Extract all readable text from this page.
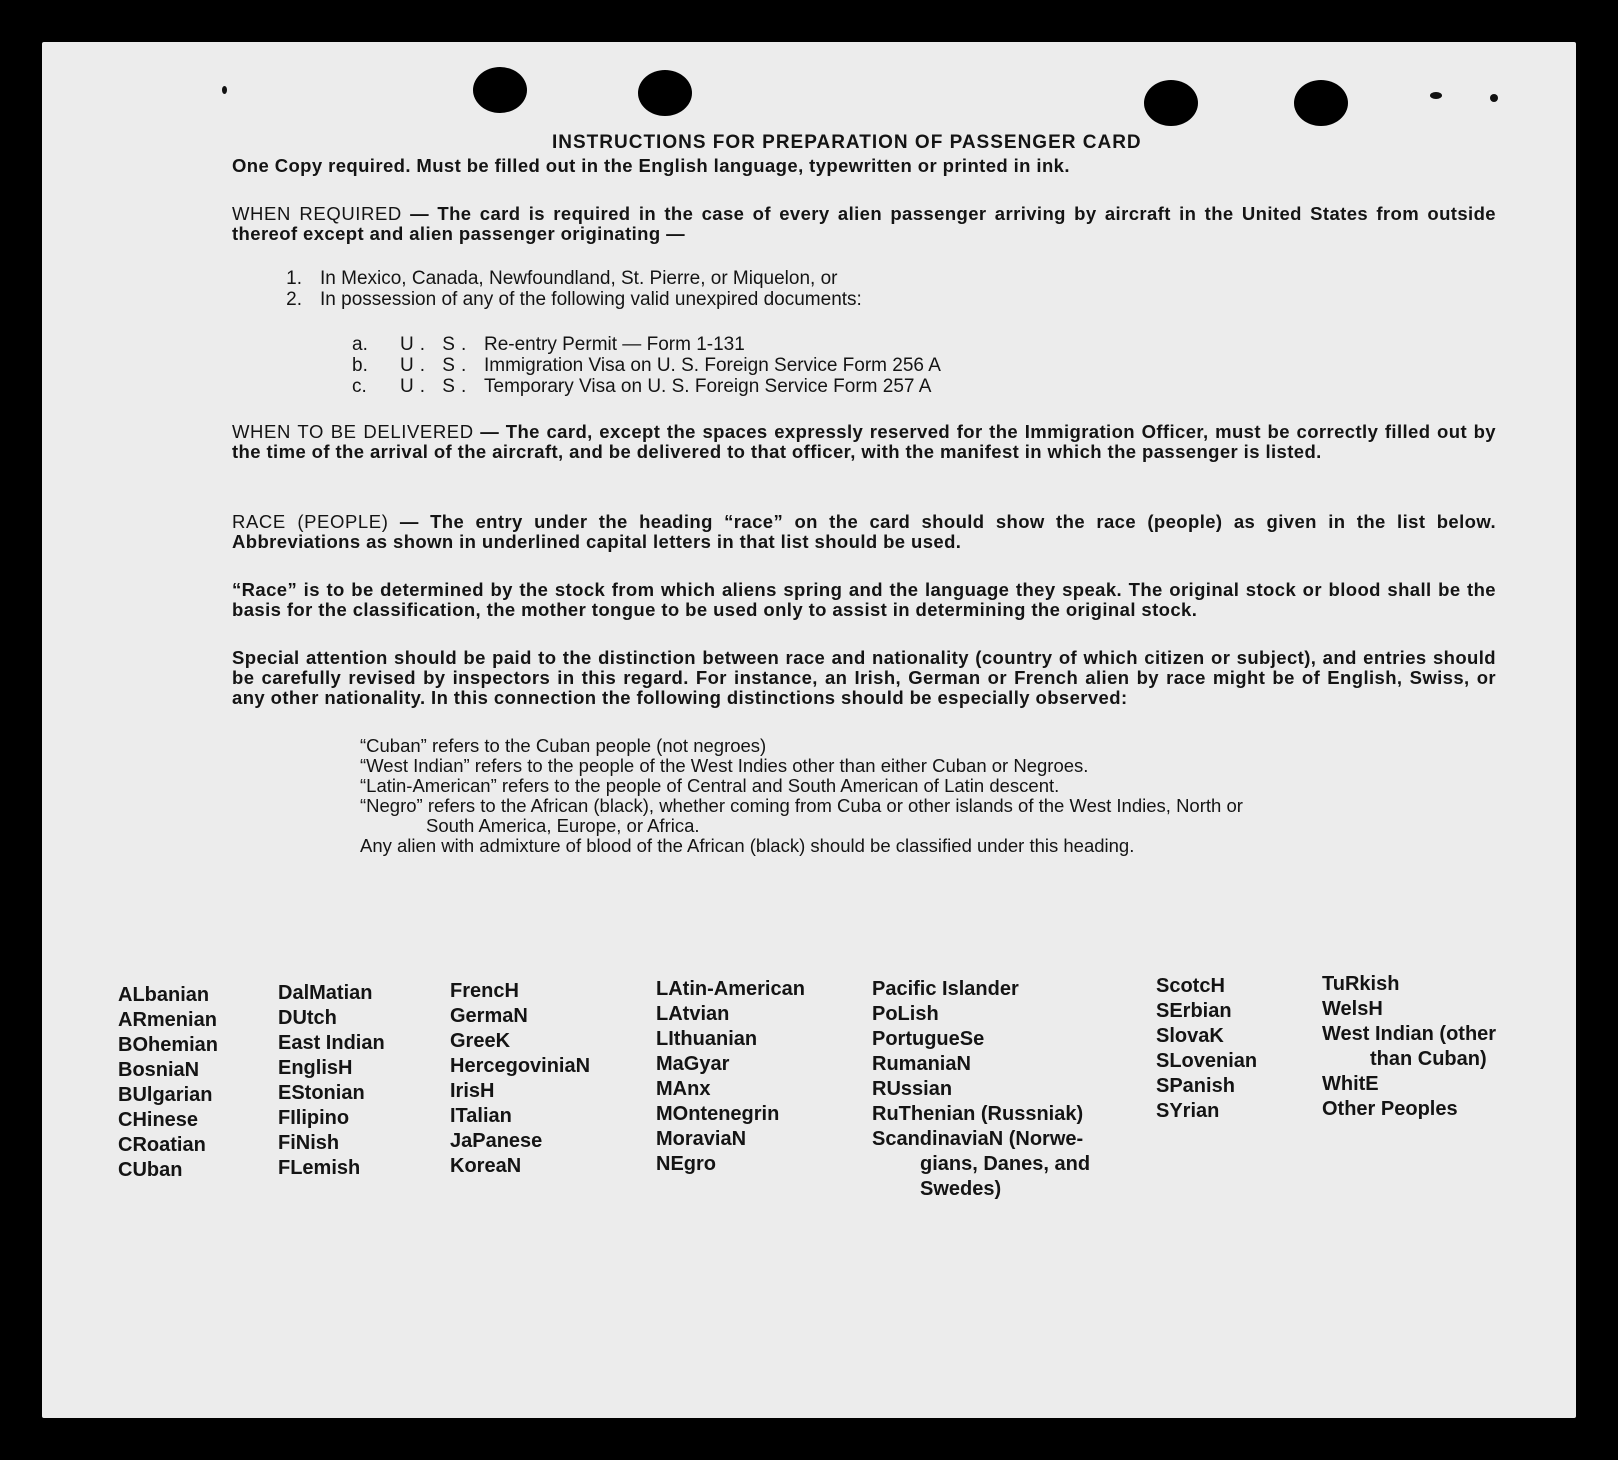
INSTRUCTIONS FOR PREPARATION OF PASSENGER CARD
One Copy required. Must be filled out in the English language, typewritten or printed in ink.
WHEN REQUIRED — The card is required in the case of every alien passenger arriving by aircraft in the United States from outside thereof except and alien passenger originating —
1. In Mexico, Canada, Newfoundland, St. Pierre, or Miquelon, or
2. In possession of any of the following valid unexpired documents:
a.	U. S. Re-entry Permit — Form 1-131
b.	U. S. Immigration Visa on U. S. Foreign Service Form 256 A
c.	U. S. Temporary Visa on U. S. Foreign Service Form 257 A
WHEN TO BE DELIVERED — The card, except the spaces expressly reserved for the Immigration Officer, must be correctly filled out by the time of the arrival of the aircraft, and be delivered to that officer, with the manifest in which the passenger is listed.
RACE (PEOPLE) — The entry under the heading “race” on the card should show the race (people) as given in the list below. Abbreviations as shown in underlined capital letters in that list should be used.
“Race” is to be determined by the stock from which aliens spring and the language they speak. The original stock or blood shall be the basis for the classification, the mother tongue to be used only to assist in determining the original stock.
Special attention should be paid to the distinction between race and nationality (country of which citizen or subject), and entries should be carefully revised by inspectors in this regard. For instance, an Irish, German or French alien by race might be of English, Swiss, or any other nationality. In this connection the following distinctions should be especially observed:
“Cuban” refers to the Cuban people (not negroes)
“West Indian” refers to the people of the West Indies other than either Cuban or Negroes.
“Latin-American” refers to the people of Central and South American of Latin descent.
“Negro” refers to the African (black), whether coming from Cuba or other islands of the West Indies, North or
South America, Europe, or Africa.
Any alien with admixture of blood of the African (black) should be classified under this heading.
ALbanian
ARmenian
BOhemian
BosniaN
BUlgarian
CHinese
CRoatian
CUban
DalMatian
DUtch
East Indian
EnglisH
EStonian
FIlipino
FiNish
FLemish
FrencH
GermaN
GreeK
HercegoviniaN
IrisH
ITalian
JaPanese
KoreaN
LAtin-American
LAtvian
LIthuanian
MaGyar
MAnx
MOntenegrin
MoraviaN
NEgro
Pacific Islander
PoLish
PortugueSe
RumaniaN
RUssian
RuThenian (Russniak)
ScandinaviaN (Norwe-
gians, Danes, and
Swedes)
ScotcH
SErbian
SlovaK
SLovenian
SPanish
SYrian
TuRkish
WelsH
West Indian (other
than Cuban)
WhitE
Other Peoples
